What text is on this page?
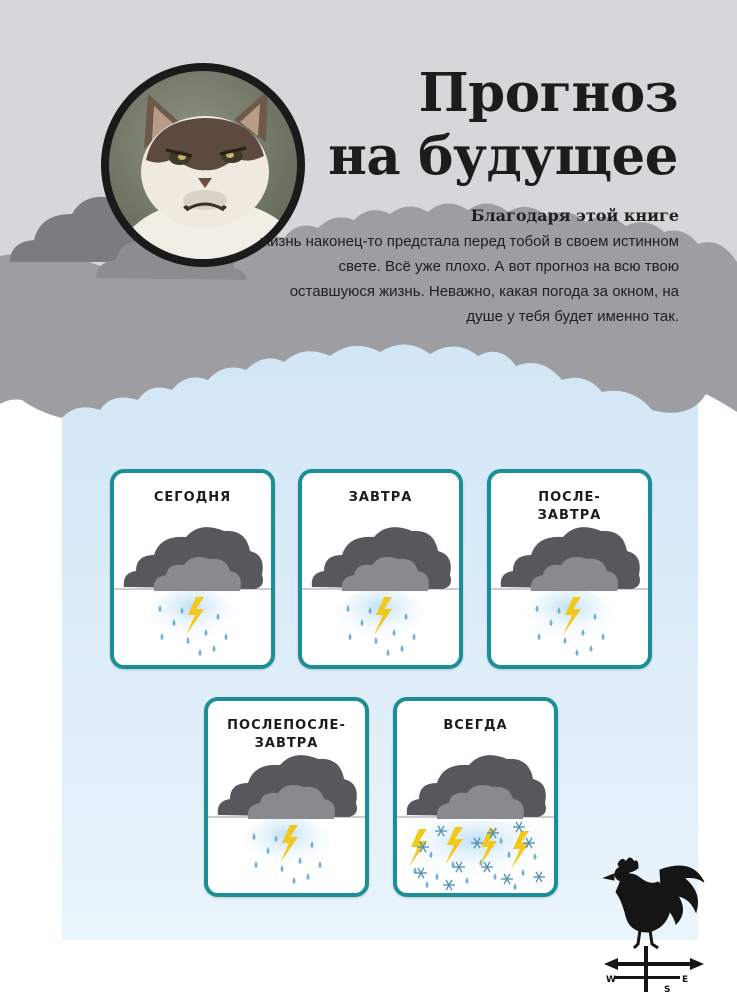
Прогноз
на будущее

Благодаря этой книге
жизнь наконец-то предстала перед тобой в своем истинном свете. Всё уже плохо. А вот прогноз на всю твою оставшуюся жизнь. Неважно, какая погода за окном, на душе у тебя будет именно так.

СЕГОДНЯ	ЗАВТРА	ПОСЛЕ-
ЗАВТРА
ПОСЛЕПОСЛЕ-
ЗАВТРА
ВСЕГДА
W	E
S
